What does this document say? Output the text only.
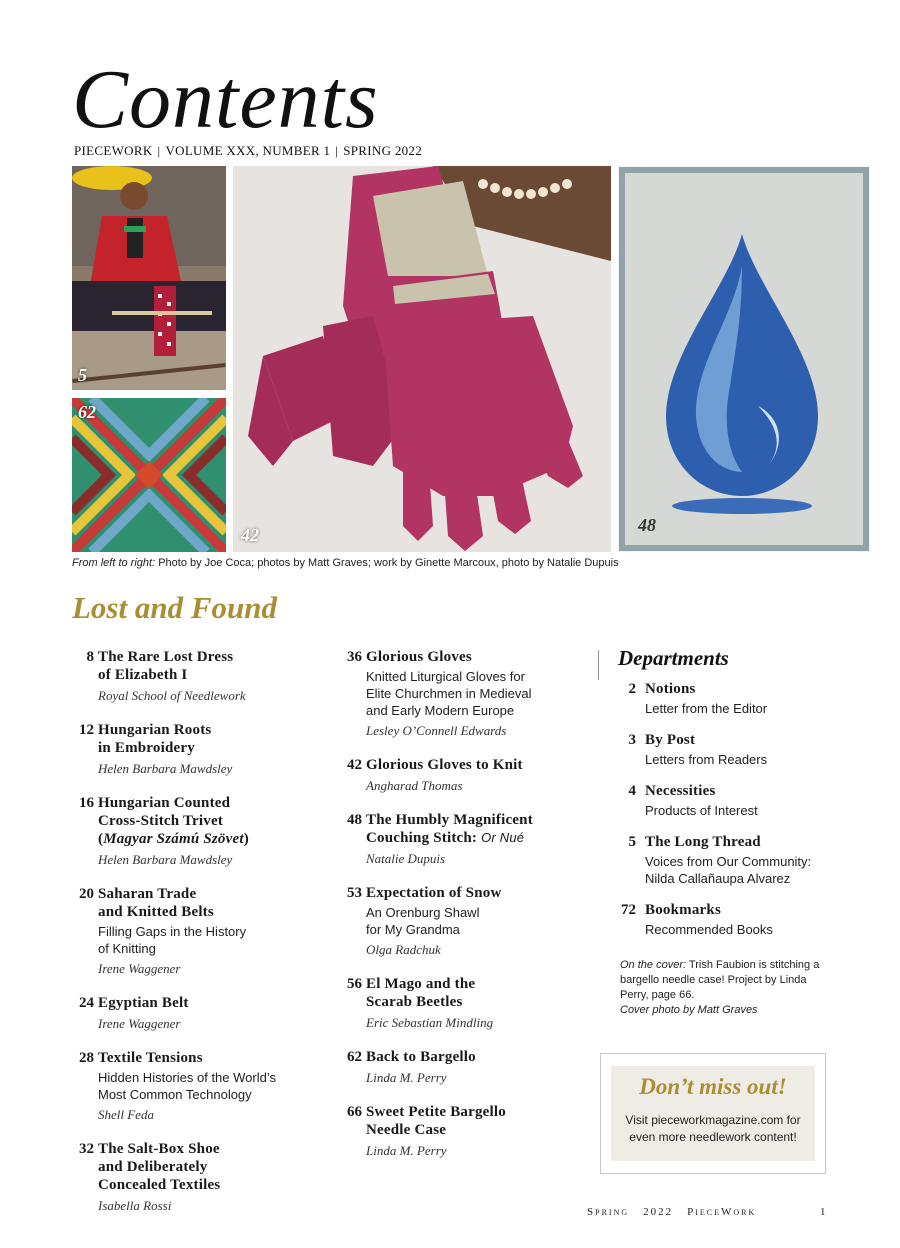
Contents
PIECEWORK | VOLUME XXX, NUMBER 1 | SPRING 2022
5
62
42	48
From left to right: Photo by Joe Coca; photos by Matt Graves; work by Ginette Marcoux, photo by Natalie Dupuis
Lost and Found
8 The Rare Lost Dress
of Elizabeth I
Royal School of Needlework
12 Hungarian Roots
in Embroidery
Helen Barbara Mawdsley
16 Hungarian Counted
Cross-Stitch Trivet
(Magyar Számú Szövet)
Helen Barbara Mawdsley
20 Saharan Trade
and Knitted Belts
Filling Gaps in the History
of Knitting
Irene Waggener
24 Egyptian Belt
Irene Waggener
28 Textile Tensions
Hidden Histories of the World’s
Most Common Technology
Shell Feda
32 The Salt-Box Shoe
and Deliberately
Concealed Textiles
Isabella Rossi
36 Glorious Gloves
Knitted Liturgical Gloves for
Elite Churchmen in Medieval
and Early Modern Europe
Lesley O’Connell Edwards
42 Glorious Gloves to Knit
Angharad Thomas
48 The Humbly Magnificent
Couching Stitch: Or Nué
Natalie Dupuis
53 Expectation of Snow
An Orenburg Shawl
for My Grandma
Olga Radchuk
56 El Mago and the
Scarab Beetles
Eric Sebastian Mindling
62 Back to Bargello
Linda M. Perry
66 Sweet Petite Bargello
Needle Case
Linda M. Perry
Departments
2 Notions
Letter from the Editor
3 By Post
Letters from Readers
4 Necessities
Products of Interest
5 The Long Thread
Voices from Our Community:
Nilda Callañaupa Alvarez
72 Bookmarks
Recommended Books
On the cover: Trish Faubion is stitching a bargello needle case! Project by Linda Perry, page 66.
Cover photo by Matt Graves
Don’t miss out!
Visit pieceworkmagazine.com for
even more needlework content!
Spring 2022 PieceWork	1
